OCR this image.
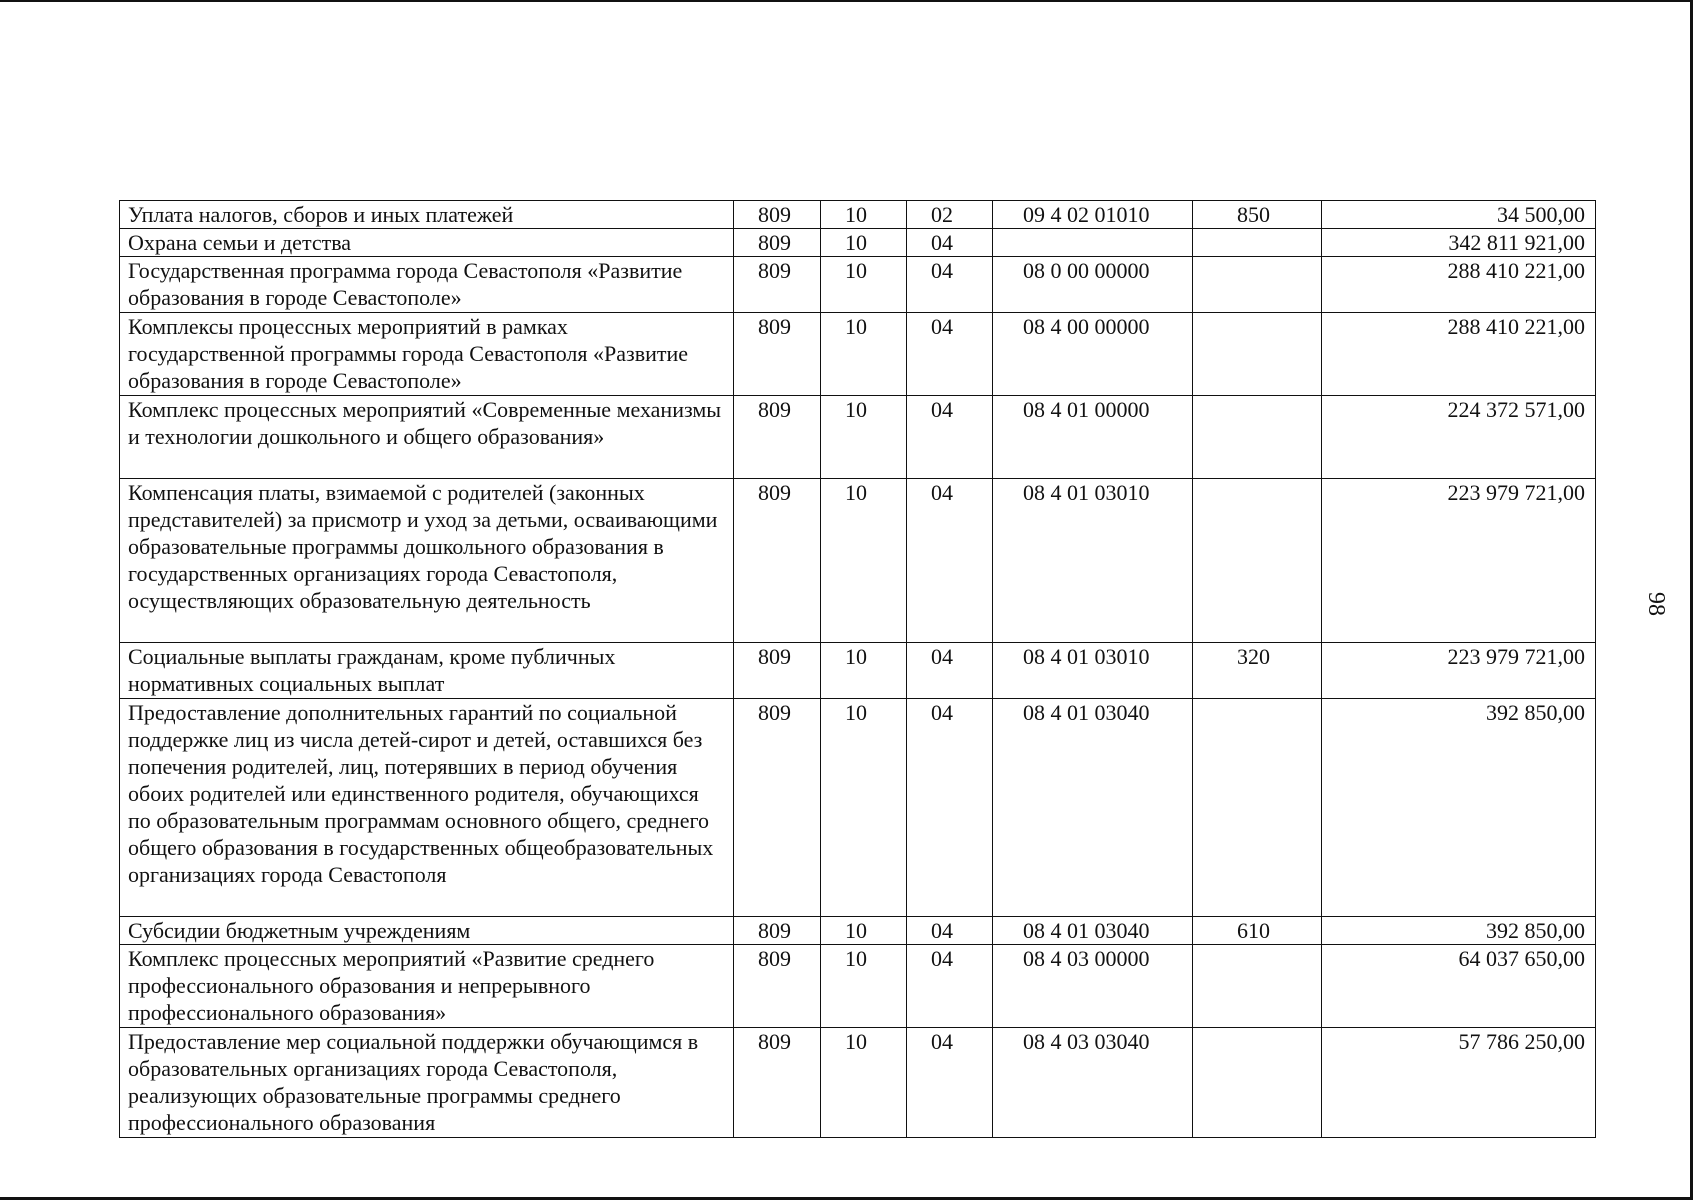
Уплата налогов, сборов и иных платежей	809	10	02	09 4 02 01010	850	34 500,00
Охрана семьи и детства	809	10	04			342 811 921,00
Государственная программа города Севастополя «Развитие образования в городе Севастополе»	809	10	04	08 0 00 00000		288 410 221,00
Комплексы процессных мероприятий в рамках государственной программы города Севастополя «Развитие образования в городе Севастополе»	809	10	04	08 4 00 00000		288 410 221,00
Комплекс процессных мероприятий «Современные механизмы и технологии дошкольного и общего образования»	809	10	04	08 4 01 00000		224 372 571,00
Компенсация платы, взимаемой с родителей (законных представителей) за присмотр и уход за детьми, осваивающими образовательные программы дошкольного образования в государственных организациях города Севастополя, осуществляющих образовательную деятельность	809	10	04	08 4 01 03010		223 979 721,00
Социальные выплаты гражданам, кроме публичных нормативных социальных выплат	809	10	04	08 4 01 03010	320	223 979 721,00
Предоставление дополнительных гарантий по социальной поддержке лиц из числа детей-сирот и детей, оставшихся без попечения родителей, лиц, потерявших в период обучения обоих родителей или единственного родителя, обучающихся по образовательным программам основного общего, среднего общего образования в государственных общеобразовательных организациях города Севастополя	809	10	04	08 4 01 03040		392 850,00
Субсидии бюджетным учреждениям	809	10	04	08 4 01 03040	610	392 850,00
Комплекс процессных мероприятий «Развитие среднего профессионального образования и непрерывного профессионального образования»	809	10	04	08 4 03 00000		64 037 650,00
Предоставление мер социальной поддержки обучающимся в образовательных организациях города Севастополя, реализующих образовательные программы среднего профессионального образования	809	10	04	08 4 03 03040		57 786 250,00
98
